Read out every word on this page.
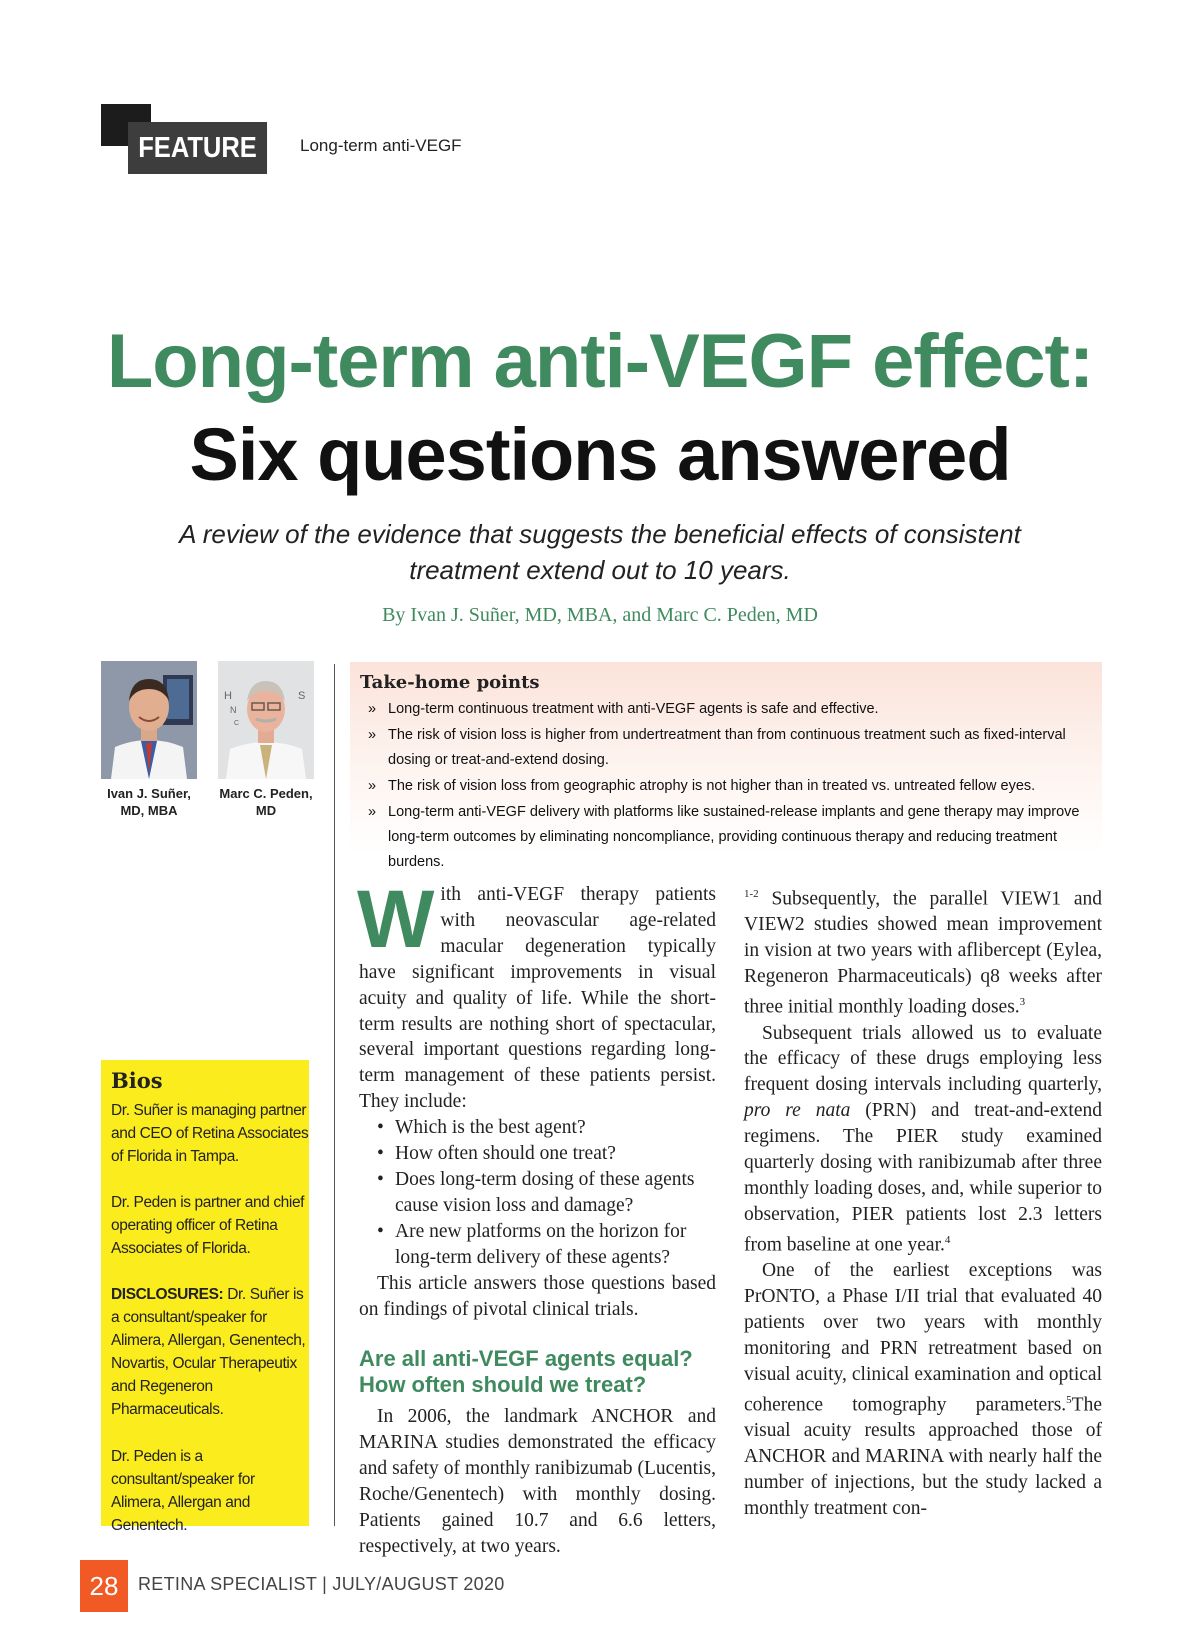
FEATURE	Long-term anti-VEGF
Long-term anti-VEGF effect:
Six questions answered
A review of the evidence that suggests the beneficial effects of consistent treatment extend out to 10 years.
By Ivan J. Suñer, MD, MBA, and Marc C. Peden, MD
H
N
C
S
Ivan J. Suñer, MD, MBA
Marc C. Peden, MD
Take-home points
» Long-term continuous treatment with anti-VEGF agents is safe and effective.
» The risk of vision loss is higher from undertreatment than from continuous treatment such as fixed-interval dosing or treat-and-extend dosing.
» The risk of vision loss from geographic atrophy is not higher than in treated vs. untreated fellow eyes.
» Long-term anti-VEGF delivery with platforms like sustained-release implants and gene therapy may improve long-term outcomes by eliminating noncompliance, providing continuous therapy and reducing treatment burdens.
Bios
Dr. Suñer is managing partner and CEO of Retina Associates of Florida in Tampa.
Dr. Peden is partner and chief operating officer of Retina Associates of Florida.
DISCLOSURES: Dr. Suñer is a consultant/speaker for Alimera, Allergan, Genentech, Novartis, Ocular Therapeutix and Regeneron Pharmaceuticals.
Dr. Peden is a consultant/speaker for Alimera, Allergan and Genentech.

With anti-VEGF therapy patients with neovascular age-related macular degeneration typically have significant improvements in visual acuity and quality of life. While the short-term results are nothing short of spectacular, several important questions regarding long-term management of these patients persist. They include:

• Which is the best agent?
• How often should one treat?
• Does long-term dosing of these agents cause vision loss and damage?
• Are new platforms on the horizon for long-term delivery of these agents?

This article answers those questions based on findings of pivotal clinical trials.

Are all anti-VEGF agents equal? How often should we treat?

In 2006, the landmark ANCHOR and MARINA studies demonstrated the efficacy and safety of monthly ranibizumab (Lucentis, Roche/Genentech) with monthly dosing. Patients gained 10.7 and 6.6 letters, respectively, at two years.

$^{1-2}$ Subsequently, the parallel VIEW1 and VIEW2 studies showed mean improvement in vision at two years with aflibercept (Eylea, Regeneron Pharmaceuticals) q8 weeks after three initial monthly loading doses.$^3$

Subsequent trials allowed us to evaluate the efficacy of these drugs employing less frequent dosing intervals including quarterly, pro re nata (PRN) and treat-and-extend regimens. The PIER study examined quarterly dosing with ranibizumab after three monthly loading doses, and, while superior to observation, PIER patients lost 2.3 letters from baseline at one year.$^4$

One of the earliest exceptions was PrONTO, a Phase I/II trial that evaluated 40 patients over two years with monthly monitoring and PRN retreatment based on visual acuity, clinical examination and optical coherence tomography parameters.$^5$The visual acuity results approached those of ANCHOR and MARINA with nearly half the number of injections, but the study lacked a monthly treatment con-

28	RETINA SPECIALIST | JULY/AUGUST 2020
